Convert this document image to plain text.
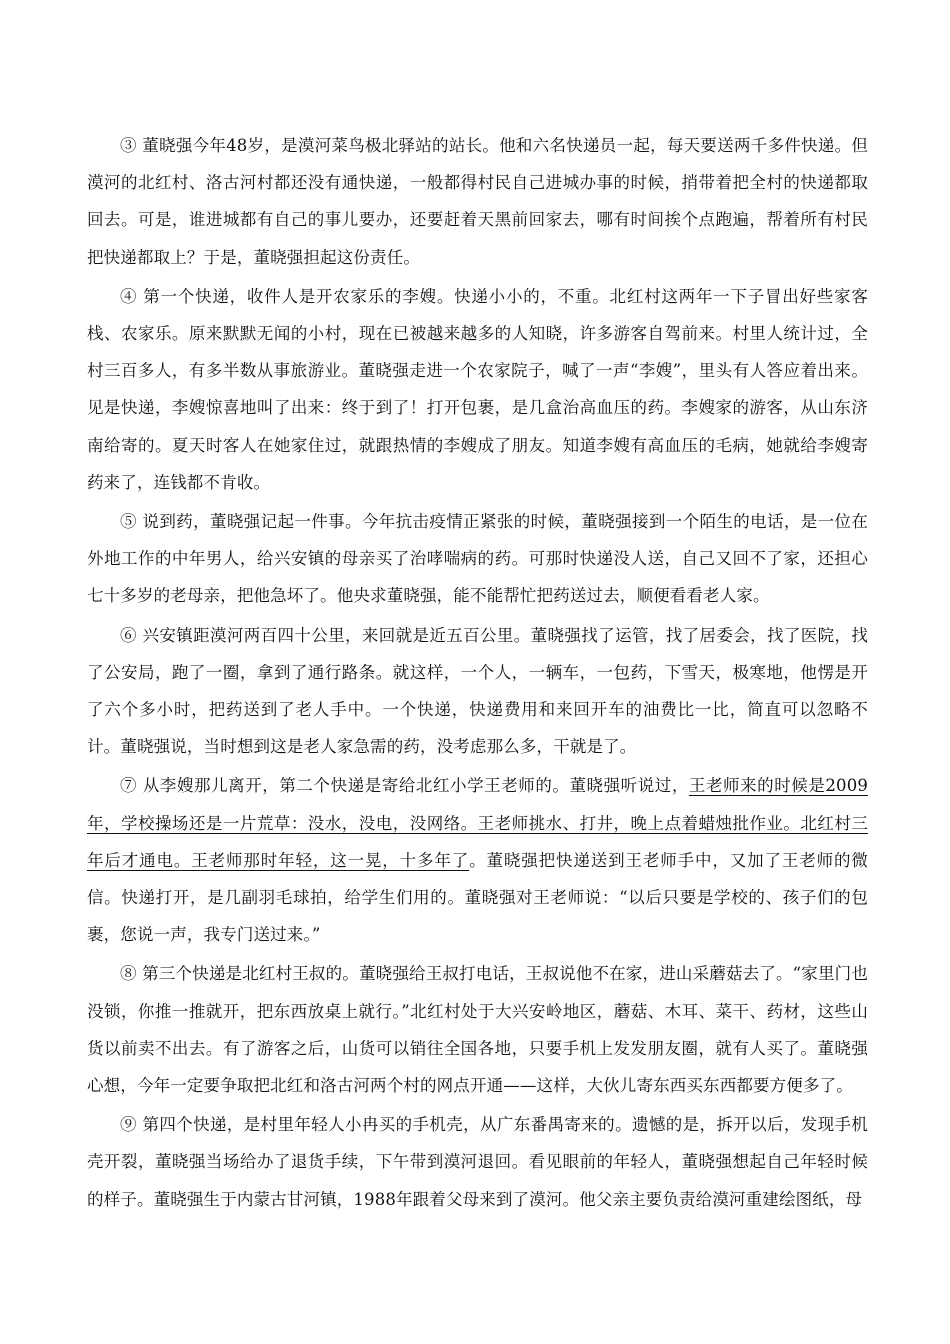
③ 董晓强今年48岁，是漠河菜鸟极北驿站的站长。他和六名快递员一起，每天要送两千多件快递。但漠河的北红村、洛古河村都还没有通快递，一般都得村民自己进城办事的时候，捎带着把全村的快递都取回去。可是，谁进城都有自己的事儿要办，还要赶着天黑前回家去，哪有时间挨个点跑遍，帮着所有村民把快递都取上？于是，董晓强担起这份责任。

④ 第一个快递，收件人是开农家乐的李嫂。快递小小的，不重。北红村这两年一下子冒出好些家客栈、农家乐。原来默默无闻的小村，现在已被越来越多的人知晓，许多游客自驾前来。村里人统计过，全村三百多人，有多半数从事旅游业。董晓强走进一个农家院子，喊了一声“李嫂”，里头有人答应着出来。见是快递，李嫂惊喜地叫了出来：终于到了！打开包裹，是几盒治高血压的药。李嫂家的游客，从山东济南给寄的。夏天时客人在她家住过，就跟热情的李嫂成了朋友。知道李嫂有高血压的毛病，她就给李嫂寄药来了，连钱都不肯收。

⑤ 说到药，董晓强记起一件事。今年抗击疫情正紧张的时候，董晓强接到一个陌生的电话，是一位在外地工作的中年男人，给兴安镇的母亲买了治哮喘病的药。可那时快递没人送，自己又回不了家，还担心七十多岁的老母亲，把他急坏了。他央求董晓强，能不能帮忙把药送过去，顺便看看老人家。

⑥ 兴安镇距漠河两百四十公里，来回就是近五百公里。董晓强找了运管，找了居委会，找了医院，找了公安局，跑了一圈，拿到了通行路条。就这样，一个人，一辆车，一包药，下雪天，极寒地，他愣是开了六个多小时，把药送到了老人手中。一个快递，快递费用和来回开车的油费比一比，简直可以忽略不计。董晓强说，当时想到这是老人家急需的药，没考虑那么多，干就是了。

⑦ 从李嫂那儿离开，第二个快递是寄给北红小学王老师的。董晓强听说过，王老师来的时候是2009年，学校操场还是一片荒草：没水，没电，没网络。王老师挑水、打井，晚上点着蜡烛批作业。北红村三年后才通电。王老师那时年轻，这一晃，十多年了。董晓强把快递送到王老师手中，又加了王老师的微信。快递打开，是几副羽毛球拍，给学生们用的。董晓强对王老师说：“以后只要是学校的、孩子们的包裹，您说一声，我专门送过来。”

⑧ 第三个快递是北红村王叔的。董晓强给王叔打电话，王叔说他不在家，进山采蘑菇去了。“家里门也没锁，你推一推就开，把东西放桌上就行。”北红村处于大兴安岭地区，蘑菇、木耳、菜干、药材，这些山货以前卖不出去。有了游客之后，山货可以销往全国各地，只要手机上发发朋友圈，就有人买了。董晓强心想，今年一定要争取把北红和洛古河两个村的网点开通——这样，大伙儿寄东西买东西都要方便多了。

⑨ 第四个快递，是村里年轻人小冉买的手机壳，从广东番禺寄来的。遗憾的是，拆开以后，发现手机壳开裂，董晓强当场给办了退货手续，下午带到漠河退回。看见眼前的年轻人，董晓强想起自己年轻时候的样子。董晓强生于内蒙古甘河镇，1988年跟着父母来到了漠河。他父亲主要负责给漠河重建绘图纸，母
